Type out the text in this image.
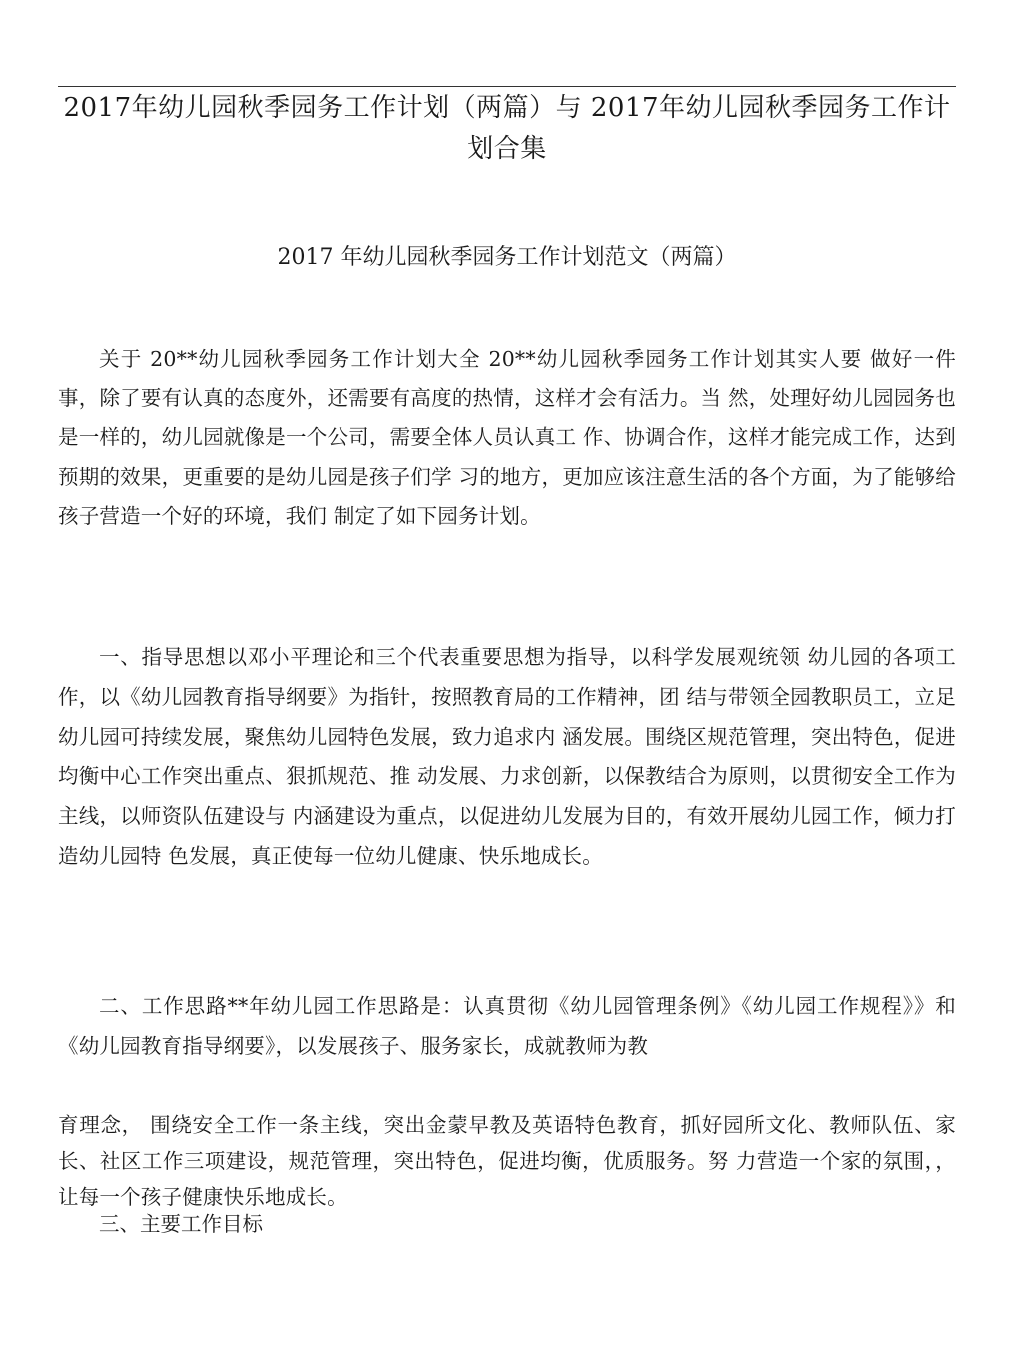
2017年幼儿园秋季园务工作计划（两篇）与 2017年幼儿园秋季园务工作计划合集
2017 年幼儿园秋季园务工作计划范文（两篇）

关于 20**幼儿园秋季园务工作计划大全 20**幼儿园秋季园务工作计划其实人要 做好一件事，除了要有认真的态度外，还需要有高度的热情，这样才会有活力。当 然，处理好幼儿园园务也是一样的，幼儿园就像是一个公司，需要全体人员认真工 作、协调合作，这样才能完成工作，达到预期的效果，更重要的是幼儿园是孩子们学 习的地方，更加应该注意生活的各个方面，为了能够给孩子营造一个好的环境，我们 制定了如下园务计划。

一、指导思想以邓小平理论和三个代表重要思想为指导，以科学发展观统领 幼儿园的各项工作，以《幼儿园教育指导纲要》为指针，按照教育局的工作精神，团 结与带领全园教职员工，立足幼儿园可持续发展，聚焦幼儿园特色发展，致力追求内 涵发展。围绕区规范管理，突出特色，促进均衡中心工作突出重点、狠抓规范、推 动发展、力求创新，以保教结合为原则，以贯彻安全工作为主线，以师资队伍建设与 内涵建设为重点，以促进幼儿发展为目的，有效开展幼儿园工作，倾力打造幼儿园特 色发展，真正使每一位幼儿健康、快乐地成长。

二、工作思路**年幼儿园工作思路是：认真贯彻《幼儿园管理条例》《幼儿园工作规程》》和《幼儿园教育指导纲要》，以发展孩子、服务家长，成就教师为教

育理念， 围绕安全工作一条主线，突出金蒙早教及英语特色教育，抓好园所文化、教师队伍、家长、社区工作三项建设，规范管理，突出特色，促进均衡，优质服务。努 力营造一个家的氛围，，让每一个孩子健康快乐地成长。

三、主要工作目标
